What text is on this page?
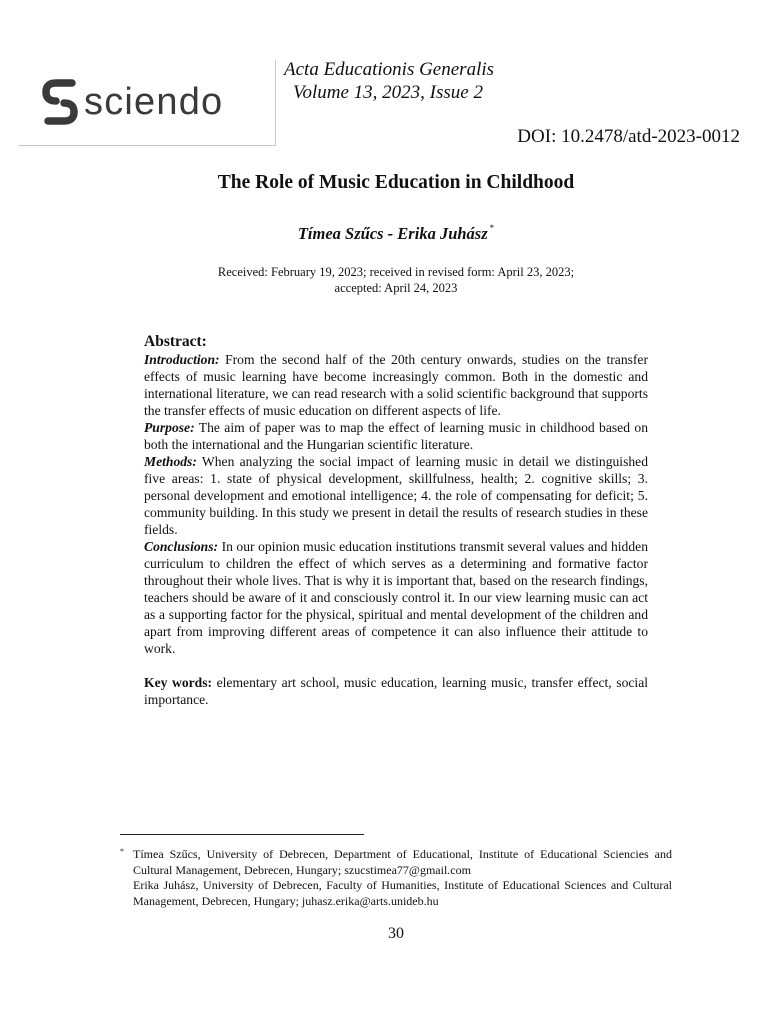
sciendo
Acta Educationis Generalis
Volume 13, 2023, Issue 2
DOI: 10.2478/atd-2023-0012
The Role of Music Education in Childhood
Tímea Szűcs - Erika Juhász *
Received: February 19, 2023; received in revised form: April 23, 2023;
accepted: April 24, 2023
Abstract:

Introduction: From the second half of the 20th century onwards, studies on the transfer effects of music learning have become increasingly common. Both in the domestic and international literature, we can read research with a solid scientific background that supports the transfer effects of music education on different aspects of life.

Purpose: The aim of paper was to map the effect of learning music in childhood based on both the international and the Hungarian scientific literature.

Methods: When analyzing the social impact of learning music in detail we distinguished five areas: 1. state of physical development, skillfulness, health; 2. cognitive skills; 3. personal development and emotional intelligence; 4. the role of compensating for deficit; 5. community building. In this study we present in detail the results of research studies in these fields.

Conclusions: In our opinion music education institutions transmit several values and hidden curriculum to children the effect of which serves as a determining and formative factor throughout their whole lives. That is why it is important that, based on the research findings, teachers should be aware of it and consciously control it. In our view learning music can act as a supporting factor for the physical, spiritual and mental development of the children and apart from improving different areas of competence it can also influence their attitude to work.

Key words: elementary art school, music education, learning music, transfer effect, social importance.

* Tímea Szűcs, University of Debrecen, Department of Educational, Institute of Educational Sciencies and Cultural Management, Debrecen, Hungary; szucstimea77@gmail.com

Erika Juhász, University of Debrecen, Faculty of Humanities, Institute of Educational Sciences and Cultural Management, Debrecen, Hungary; juhasz.erika@arts.unideb.hu

30
